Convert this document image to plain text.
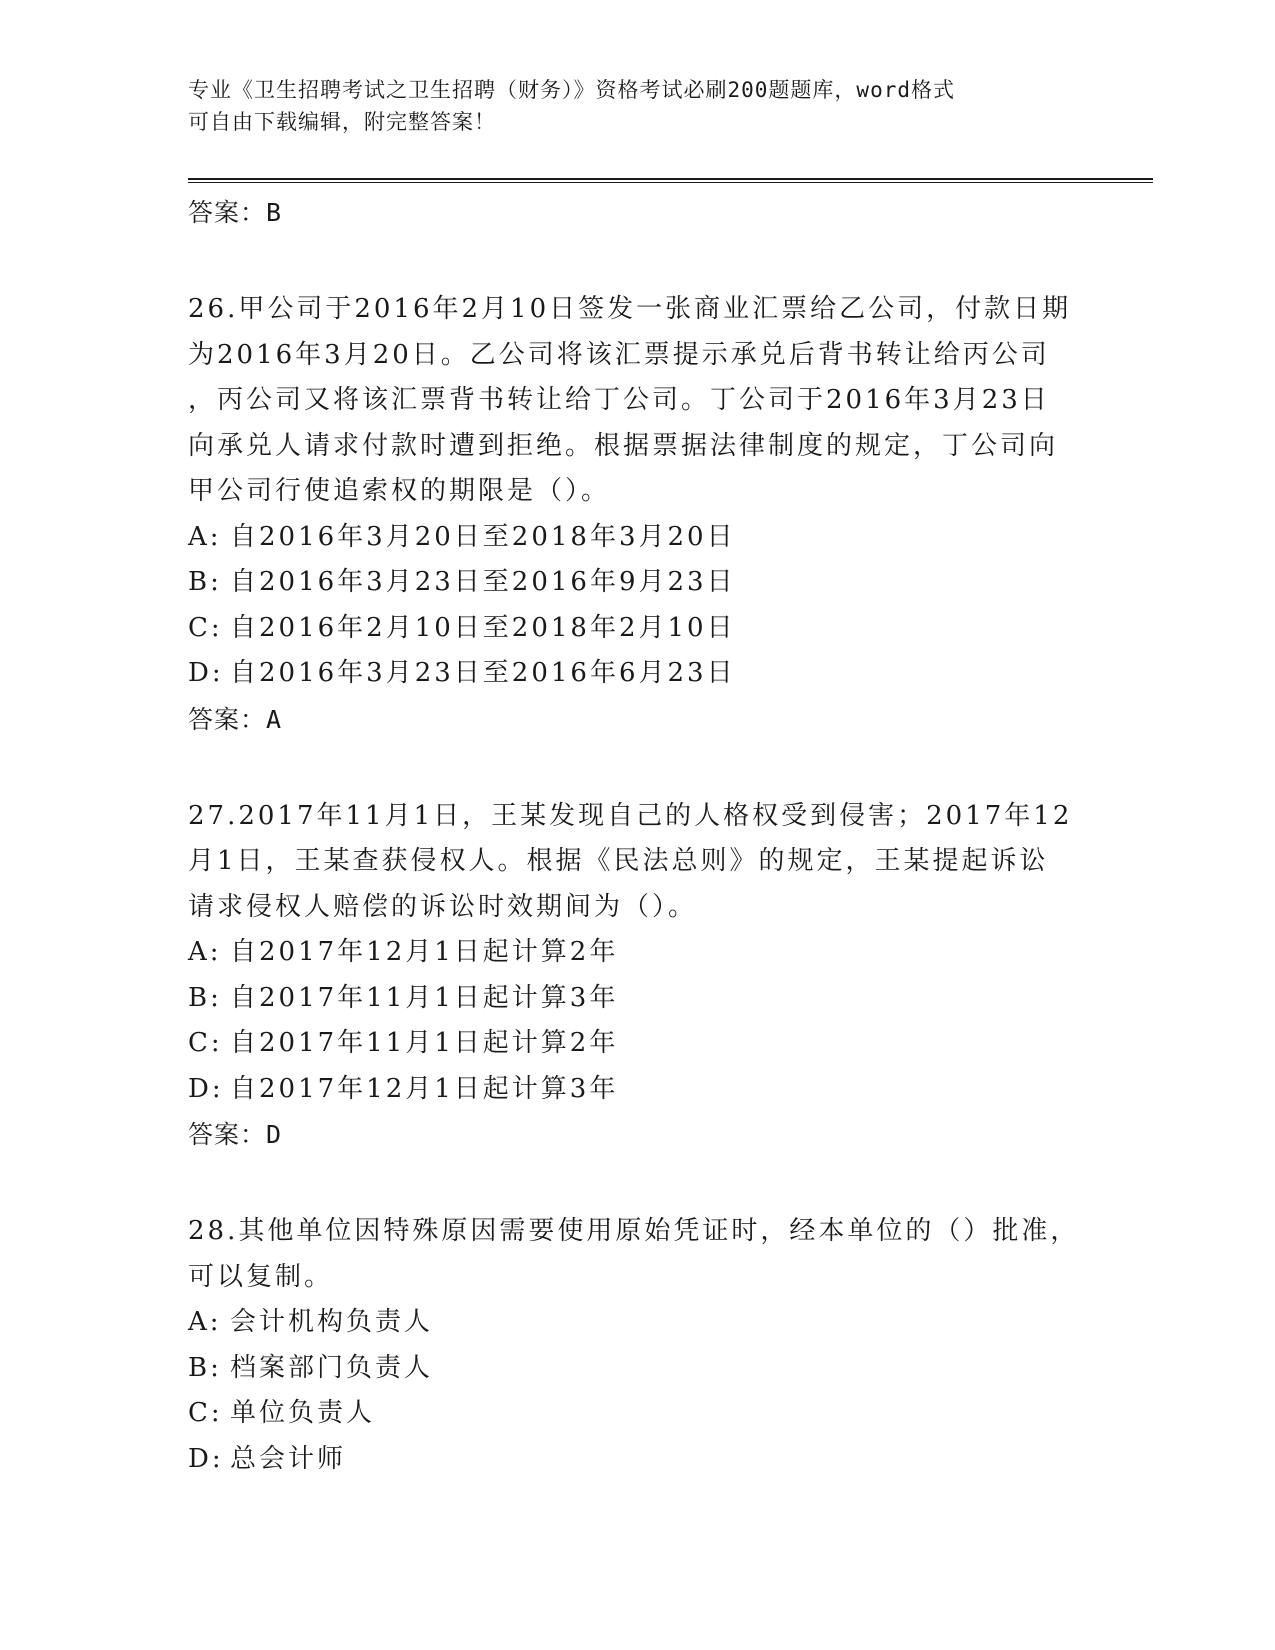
专业《卫生招聘考试之卫生招聘（财务）》资格考试必刷200题题库，word格式
可自由下载编辑，附完整答案！
答案：B
26.甲公司于2016年2月10日签发一张商业汇票给乙公司，付款日期
为2016年3月20日。乙公司将该汇票提示承兑后背书转让给丙公司
，丙公司又将该汇票背书转让给丁公司。丁公司于2016年3月23日
向承兑人请求付款时遭到拒绝。根据票据法律制度的规定，丁公司向
甲公司行使追索权的期限是（）。
A: 自2016年3月20日至2018年3月20日
B: 自2016年3月23日至2016年9月23日
C: 自2016年2月10日至2018年2月10日
D: 自2016年3月23日至2016年6月23日
答案：A
27.2017年11月1日，王某发现自己的人格权受到侵害；2017年12
月1日，王某查获侵权人。根据《民法总则》的规定，王某提起诉讼
请求侵权人赔偿的诉讼时效期间为（）。
A: 自2017年12月1日起计算2年
B: 自2017年11月1日起计算3年
C: 自2017年11月1日起计算2年
D: 自2017年12月1日起计算3年
答案：D
28.其他单位因特殊原因需要使用原始凭证时，经本单位的（）批准，
可以复制。
A: 会计机构负责人
B: 档案部门负责人
C: 单位负责人
D: 总会计师
